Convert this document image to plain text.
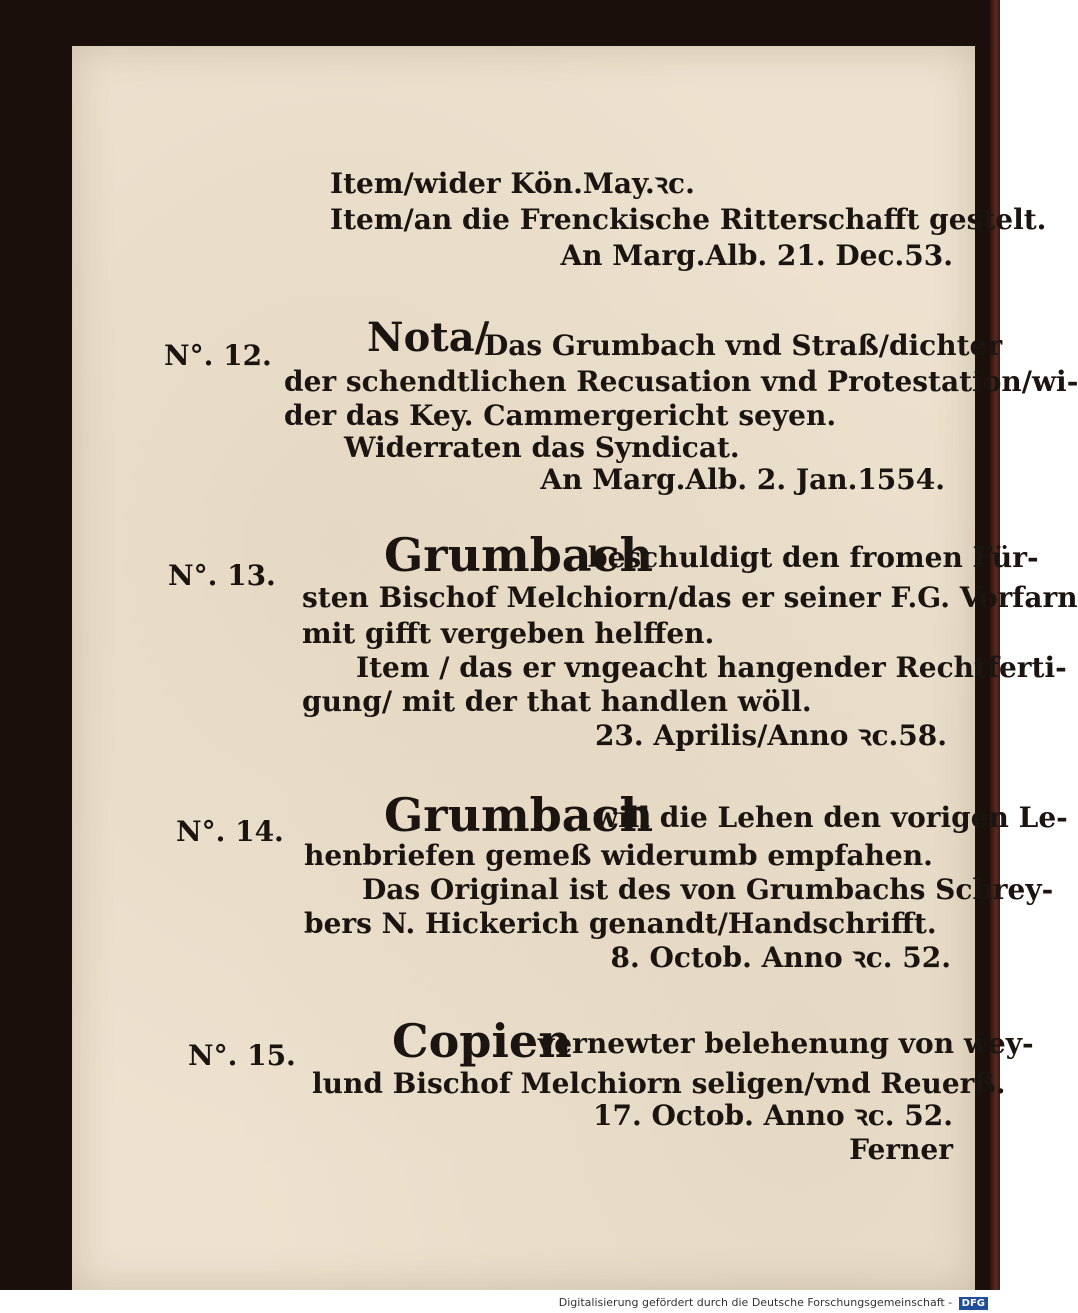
Item/wider Kön.May.ꝛc.
Item/an die Frenckische Ritterschafft gestelt.
An Marg.Alb. 21. Dec.53.
N°. 12. Nota/
Das Grumbach vnd Straß/dichter
der schendtlichen Recusation vnd Protestation/wi-
der das Key. Cammergericht seyen.
Widerraten das Syndicat.
An Marg.Alb. 2. Jan.1554.
N°. 13. Grumbach
beschuldigt den fromen Für-
sten Bischof Melchiorn/das er seiner F.G. Vorfarn
mit gifft vergeben helffen.
Item / das er vngeacht hangender Rechtferti-
gung/ mit der that handlen wöll.
23. Aprilis/Anno ꝛc.58.
N°. 14. Grumbach
will die Lehen den vorigen Le-
henbriefen gemeß widerumb empfahen.
Das Original ist des von Grumbachs Schrey-
bers N. Hickerich genandt/Handschrifft.
8. Octob. Anno ꝛc. 52.
N°. 15. Copien
vernewter belehenung von wey-
lund Bischof Melchiorn seligen/vnd Reuerß.
17. Octob. Anno ꝛc. 52.
Ferner
Digitalisierung gefördert durch die Deutsche Forschungsgemeinschaft - DFG
